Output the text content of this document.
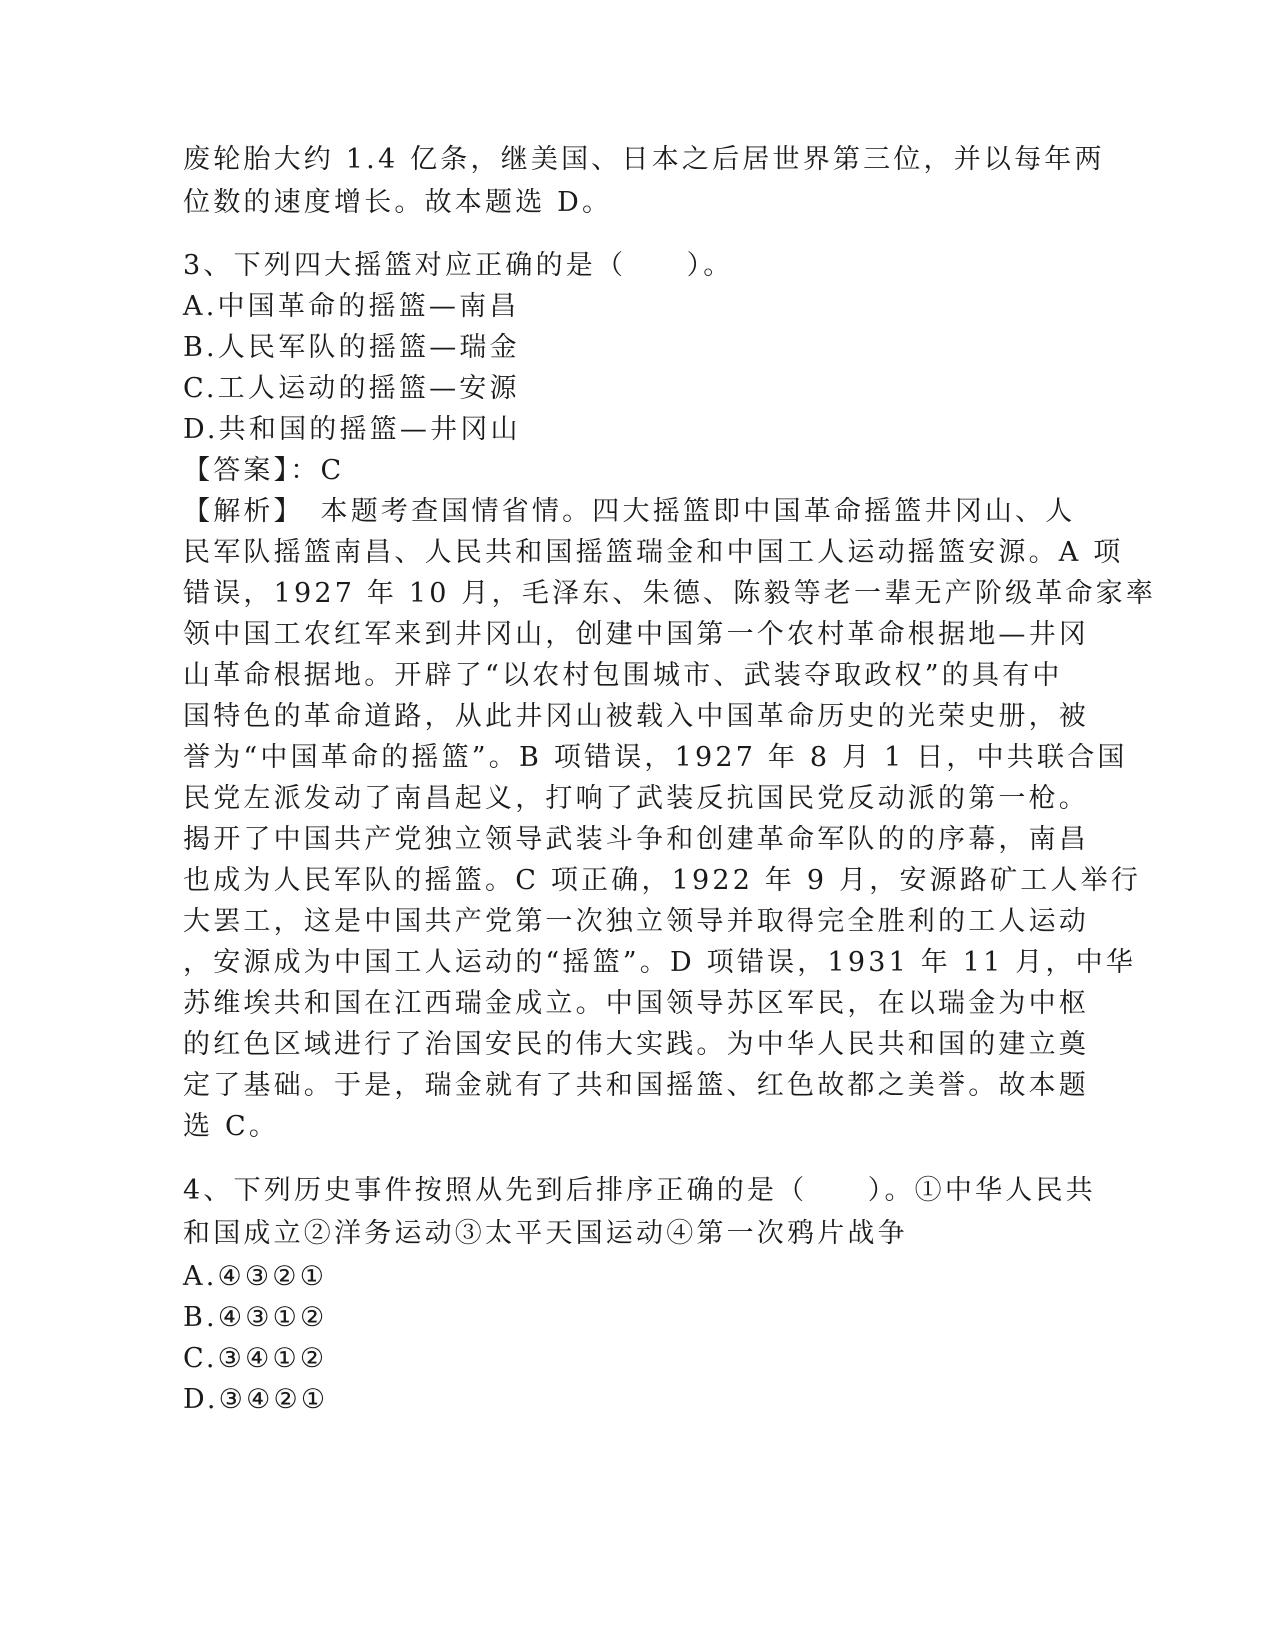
废轮胎大约 1.4 亿条，继美国、日本之后居世界第三位，并以每年两
位数的速度增长。故本题选 D。
3、下列四大摇篮对应正确的是（　　）。
A.中国革命的摇篮—南昌
B.人民军队的摇篮—瑞金
C.工人运动的摇篮—安源
D.共和国的摇篮—井冈山
【答案】：C
【解析】　本题考查国情省情。四大摇篮即中国革命摇篮井冈山、人
民军队摇篮南昌、人民共和国摇篮瑞金和中国工人运动摇篮安源。A 项
错误，1927 年 10 月，毛泽东、朱德、陈毅等老一辈无产阶级革命家率
领中国工农红军来到井冈山，创建中国第一个农村革命根据地—井冈
山革命根据地。开辟了“以农村包围城市、武装夺取政权”的具有中
国特色的革命道路，从此井冈山被载入中国革命历史的光荣史册，被
誉为“中国革命的摇篮”。B 项错误，1927 年 8 月 1 日，中共联合国
民党左派发动了南昌起义，打响了武装反抗国民党反动派的第一枪。
揭开了中国共产党独立领导武装斗争和创建革命军队的的序幕，南昌
也成为人民军队的摇篮。C 项正确，1922 年 9 月，安源路矿工人举行
大罢工，这是中国共产党第一次独立领导并取得完全胜利的工人运动
，安源成为中国工人运动的“摇篮”。D 项错误，1931 年 11 月，中华
苏维埃共和国在江西瑞金成立。中国领导苏区军民，在以瑞金为中枢
的红色区域进行了治国安民的伟大实践。为中华人民共和国的建立奠
定了基础。于是，瑞金就有了共和国摇篮、红色故都之美誉。故本题
选 C。
4、下列历史事件按照从先到后排序正确的是（　　）。①中华人民共
和国成立②洋务运动③太平天国运动④第一次鸦片战争
A.④③②①
B.④③①②
C.③④①②
D.③④②①
